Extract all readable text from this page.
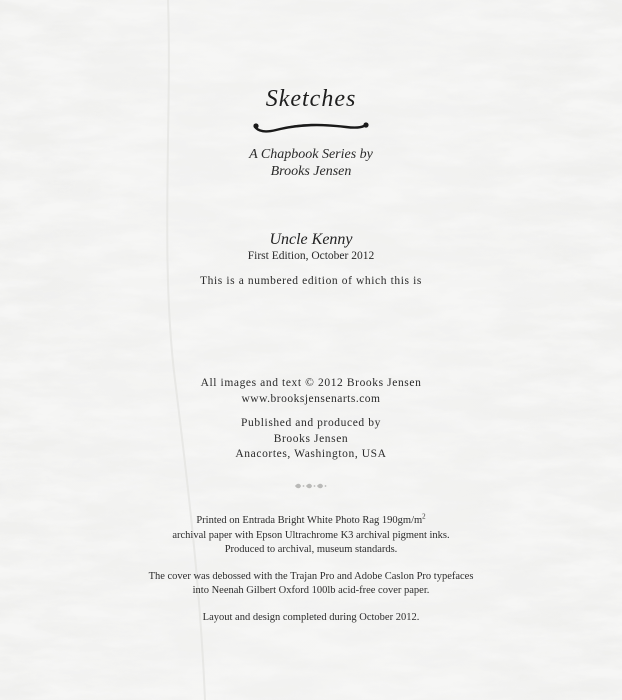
Sketches
A Chapbook Series by
Brooks Jensen
Uncle Kenny
First Edition, October 2012
This is a numbered edition of which this is
All images and text © 2012 Brooks Jensen
www.brooksjensenarts.com
Published and produced by
Brooks Jensen
Anacortes, Washington, USA
Printed on Entrada Bright White Photo Rag $190gm/m^2$
archival paper with Epson Ultrachrome K3 archival pigment inks.
Produced to archival, museum standards.
The cover was debossed with the Trajan Pro and Adobe Caslon Pro typefaces
into Neenah Gilbert Oxford 100lb acid-free cover paper.
Layout and design completed during October 2012.
